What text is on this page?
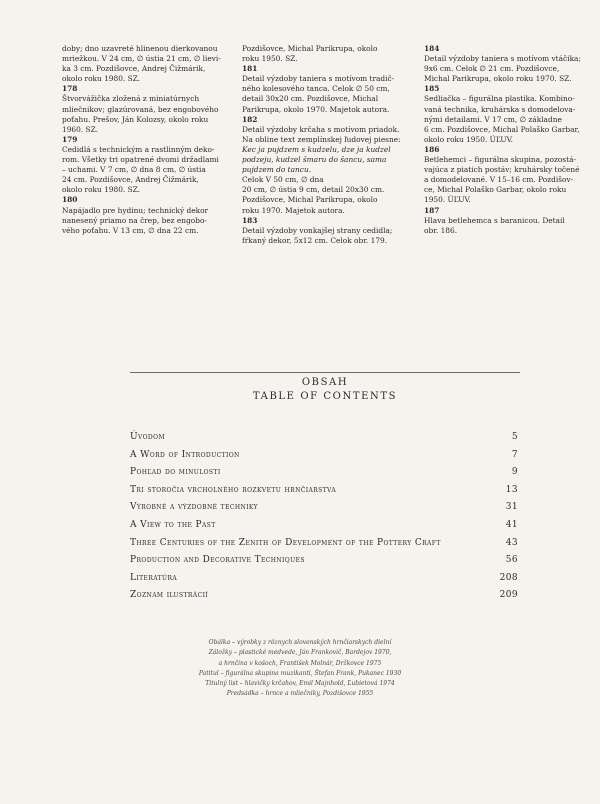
doby; dno uzavreté hlinenou dierkovanou

mriežkou. V 24 cm, ∅ ústia 21 cm, ∅ lievi-

ka 3 cm. Pozdišovce, Andrej Čižmárik,

okolo roku 1980. SZ.

178

Štvorvážička zložená z miniatúrnych

mliečnikov; glazúrovaná, bez engobového

poťahu. Prešov, Ján Kolozsy, okolo roku

1960. SZ.

179

Cedidlá s technickým a rastlinným deko-

rom. Všetky tri opatrené dvomi držadlami

– uchami. V 7 cm, ∅ dna 8 cm, ∅ ústia

24 cm. Pozdišovce, Andrej Čižmárik,

okolo roku 1980. SZ.

180

Napájadlo pre hydinu; technický dekor

nanesený priamo na črep, bez engobo-

vého poťahu. V 13 cm, ∅ dna 22 cm.

Pozdišovce, Michal Parikrupa, okolo

roku 1950. SZ.

181

Detail výzdoby taniera s motívom tradič-

ného kolesového tanca. Celok ∅ 50 cm,

detail 30x20 cm. Pozdišovce, Michal

Parikrupa, okolo 1970. Majetok autora.

182

Detail výzdoby krčaha s motívom priadok.

Na obline text zemplínskej ľudovej piesne:

Kec ja pujdzem s kudzelu, dze ja kudzel

podzeju, kudzel šmaru do šancu, sama

pujdzem do tancu.

Celok V 50 cm, ∅ dna

20 cm, ∅ ústia 9 cm, detail 20x30 cm.

Pozdišovce, Michal Parikrupa, okolo

roku 1970. Majetok autora.

183

Detail výzdoby vonkajšej strany cedidla;

fŕkaný dekor, 5x12 cm. Celok obr. 179.

184

Detail výzdoby taniera s motívom vtáčika;

9x6 cm. Celok ∅ 21 cm. Pozdišovce,

Michal Parikrupa, okolo roku 1970. SZ.

185

Sedliačka – figurálna plastika. Kombino-

vaná technika, kruhárska s domodelova-

nými detailami. V 17 cm, ∅ základne

6 cm. Pozdišovce, Michal Polaško Garbar,

okolo roku 1950. ÚĽUV.

186

Betlehemci – figurálna skupina, pozostá-

vajúca z piatich postáv; kruhársky točené

a domodelované. V 15–16 cm. Pozdišov-

ce, Michal Polaško Garbar, okolo roku

1950. ÚĽUV.

187

Hlava betlehemca s baranicou. Detail

obr. 186.

OBSAH
TABLE OF CONTENTS
Úvodom	5
A Word of Introduction	7
Pohľad do minulosti	9
Tri storočia vrcholného rozkvetu hrnčiarstva	13
Výrobné a výzdobné techniky	31
A View to the Past	41
Three Centuries of the Zenith of Development of the Pottery Craft	43
Production and Decorative Techniques	56
Literatúra	208
Zoznam ilustrácií	209
Obálka – výrobky z rôznych slovenských hrnčiarskych dielní
Záložky – plastické medvede, Ján Frankovič, Bardejov 1970,
a hrnčina v košoch, František Molnár, Držkovce 1975
Patitul – figurálna skupina muzikanti, Štefan Frank, Pukanec 1930
Titulný list – hlavičky krčahov, Emil Majnhold, Ľubietová 1974
Predsádka – hrnce a mliečniky, Pozdišovce 1955
